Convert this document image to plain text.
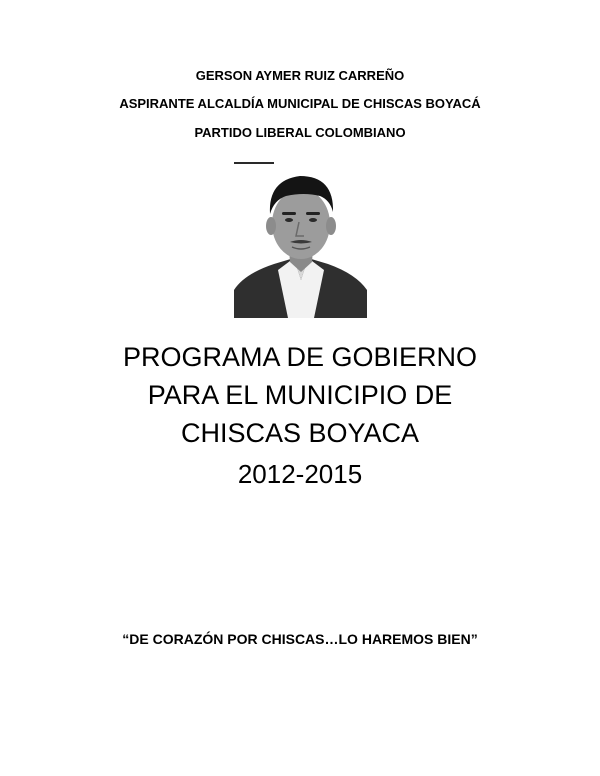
GERSON AYMER RUIZ CARREÑO
ASPIRANTE ALCALDÍA MUNICIPAL DE CHISCAS BOYACÁ
PARTIDO LIBERAL COLOMBIANO
PROGRAMA DE GOBIERNO
PARA EL MUNICIPIO DE
CHISCAS BOYACA
2012-2015
“DE CORAZÓN POR CHISCAS…LO HAREMOS BIEN”
